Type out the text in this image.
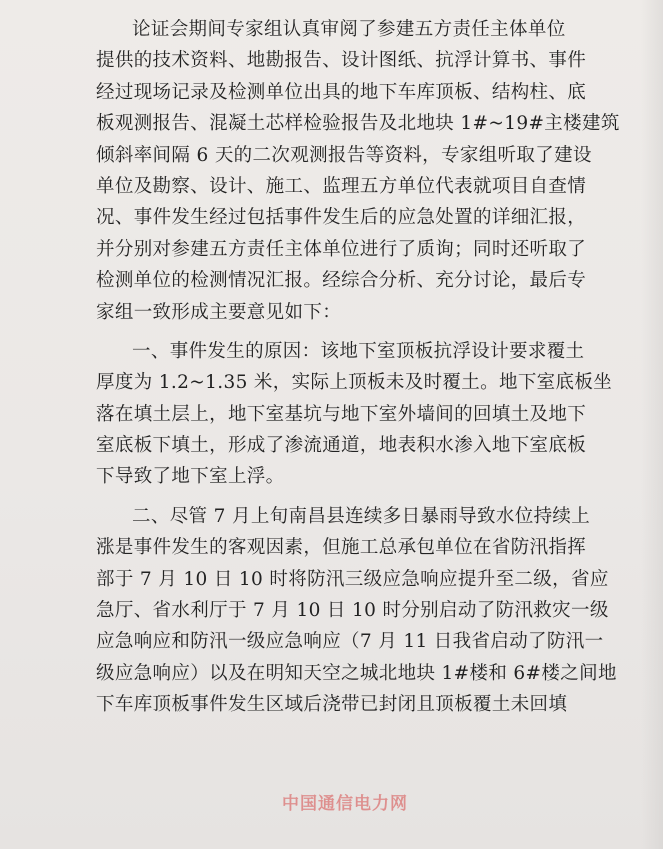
论证会期间专家组认真审阅了参建五方责任主体单位
提供的技术资料、地勘报告、设计图纸、抗浮计算书、事件
经过现场记录及检测单位出具的地下车库顶板、结构柱、底
板观测报告、混凝土芯样检验报告及北地块 1#~19#主楼建筑
倾斜率间隔 6 天的二次观测报告等资料，专家组听取了建设
单位及勘察、设计、施工、监理五方单位代表就项目自查情
况、事件发生经过包括事件发生后的应急处置的详细汇报，
并分别对参建五方责任主体单位进行了质询；同时还听取了
检测单位的检测情况汇报。经综合分析、充分讨论，最后专
家组一致形成主要意见如下：
一、事件发生的原因：该地下室顶板抗浮设计要求覆土
厚度为 1.2~1.35 米，实际上顶板未及时覆土。地下室底板坐
落在填土层上，地下室基坑与地下室外墙间的回填土及地下
室底板下填土，形成了渗流通道，地表积水渗入地下室底板
下导致了地下室上浮。
二、尽管 7 月上旬南昌县连续多日暴雨导致水位持续上
涨是事件发生的客观因素，但施工总承包单位在省防汛指挥
部于 7 月 10 日 10 时将防汛三级应急响应提升至二级，省应
急厅、省水利厅于 7 月 10 日 10 时分别启动了防汛救灾一级
应急响应和防汛一级应急响应（7 月 11 日我省启动了防汛一
级应急响应）以及在明知天空之城北地块 1#楼和 6#楼之间地
下车库顶板事件发生区域后浇带已封闭且顶板覆土未回填
中国通信电力网
